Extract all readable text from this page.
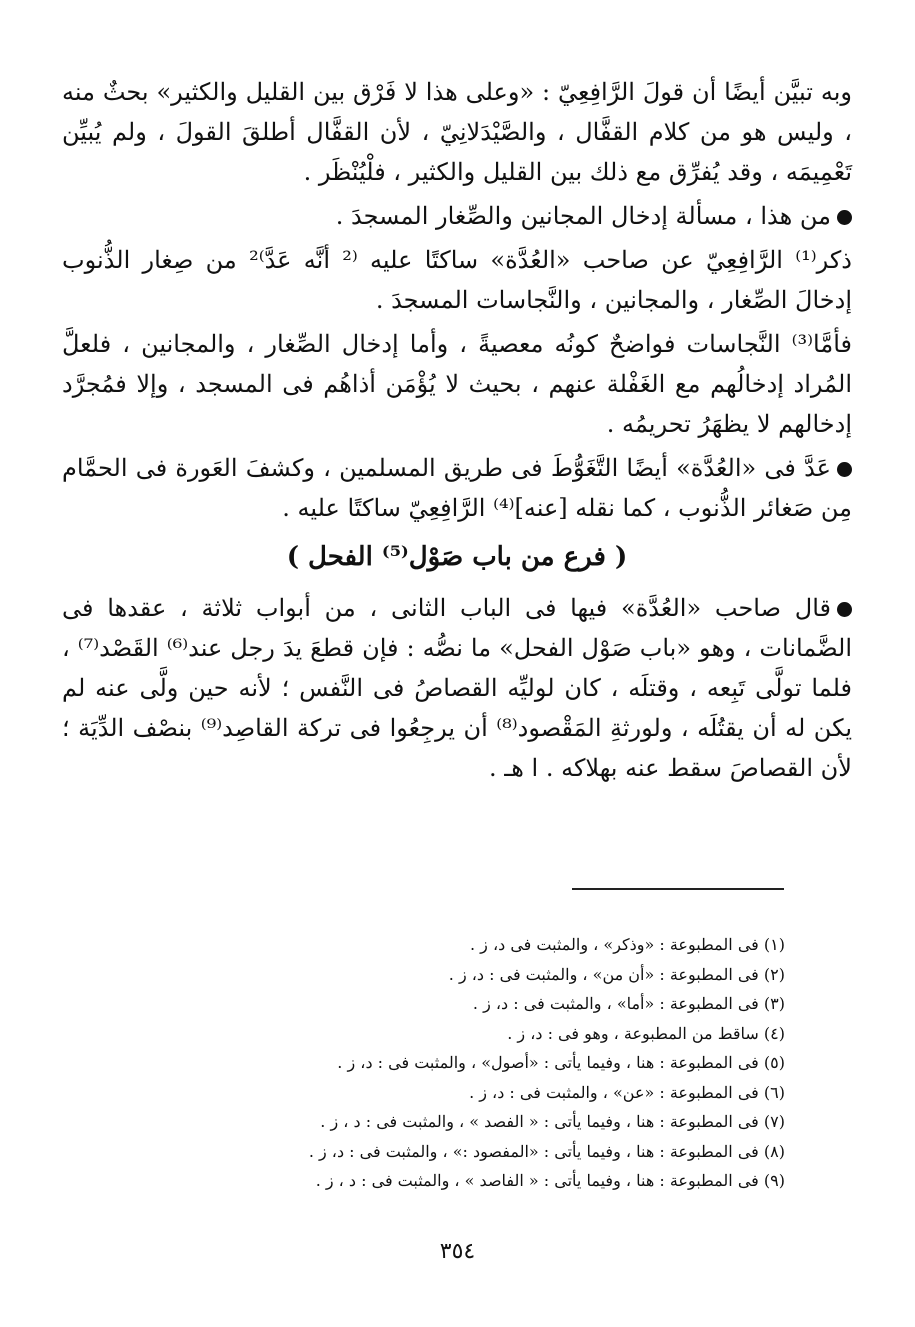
وبه تبيَّن أيضًا أن قولَ الرَّافِعِيّ : «وعلى هذا لا فَرْق بين القليل والكثير» بحثٌ منه ، وليس هو من كلام القفَّال ، والصَّيْدَلانِيّ ، لأن القفَّال أطلقَ القولَ ، ولم يُبيِّن تَعْمِيمَه ، وقد يُفرِّق مع ذلك بين القليل والكثير ، فلْيُنْظَر .

من هذا ، مسألة إدخال المجانين والصِّغار المسجدَ .

ذكر⁽¹⁾ الرَّافِعِيّ عن صاحب «العُدَّة» ساكتًا عليه ⁽² أنَّه عَدَّ⁾² من صِغار الذُّنوب إدخالَ الصِّغار ، والمجانين ، والنَّجاسات المسجدَ .

فأمَّا⁽³⁾ النَّجاسات فواضحٌ كونُه معصيةً ، وأما إدخال الصِّغار ، والمجانين ، فلعلَّ المُراد إدخالُهم مع الغَفْلة عنهم ، بحيث لا يُؤْمَن أذاهُم فى المسجد ، وإلا فمُجرَّد إدخالهم لا يظهَرُ تحريمُه .

عَدَّ فى «العُدَّة» أيضًا التَّغَوُّطَ فى طريق المسلمين ، وكشفَ العَورة فى الحمَّام مِن صَغائر الذُّنوب ، كما نقله [عنه]⁽⁴⁾ الرَّافِعِيّ ساكتًا عليه .

( فرع من باب صَوْل⁽⁵⁾ الفحل )

قال صاحب «العُدَّة» فيها فى الباب الثانى ، من أبواب ثلاثة ، عقدها فى الضَّمانات ، وهو «باب صَوْل الفحل» ما نصُّه : فإن قطعَ يدَ رجل عند⁽⁶⁾ القَصْد⁽⁷⁾ ، فلما تولَّى تَبِعه ، وقتلَه ، كان لوليِّه القصاصُ فى النَّفس ؛ لأنه حين ولَّى عنه لم يكن له أن يقتُلَه ، ولورثةِ المَقْصود⁽⁸⁾ أن يرجِعُوا فى تركة القاصِد⁽⁹⁾ بنصْف الدِّيَة ؛ لأن القصاصَ سقط عنه بهلاكه . ا هـ .

(١) فى المطبوعة : «وذكر» ، والمثبت فى د، ز .
(٢) فى المطبوعة : «أن من» ، والمثبت فى : د، ز .
(٣) فى المطبوعة : «أما» ، والمثبت فى : د، ز .
(٤) ساقط من المطبوعة ، وهو فى : د، ز .
(٥) فى المطبوعة : هنا ، وفيما يأتى : «أصول» ، والمثبت فى : د، ز .
(٦) فى المطبوعة : «عن» ، والمثبت فى : د، ز .
(٧) فى المطبوعة : هنا ، وفيما يأتى : « الفصد » ، والمثبت فى : د ، ز .
(٨) فى المطبوعة : هنا ، وفيما يأتى : «المفصود :» ، والمثبت فى : د، ز .
(٩) فى المطبوعة : هنا ، وفيما يأتى : « الفاصد » ، والمثبت فى : د ، ز .
٣٥٤
